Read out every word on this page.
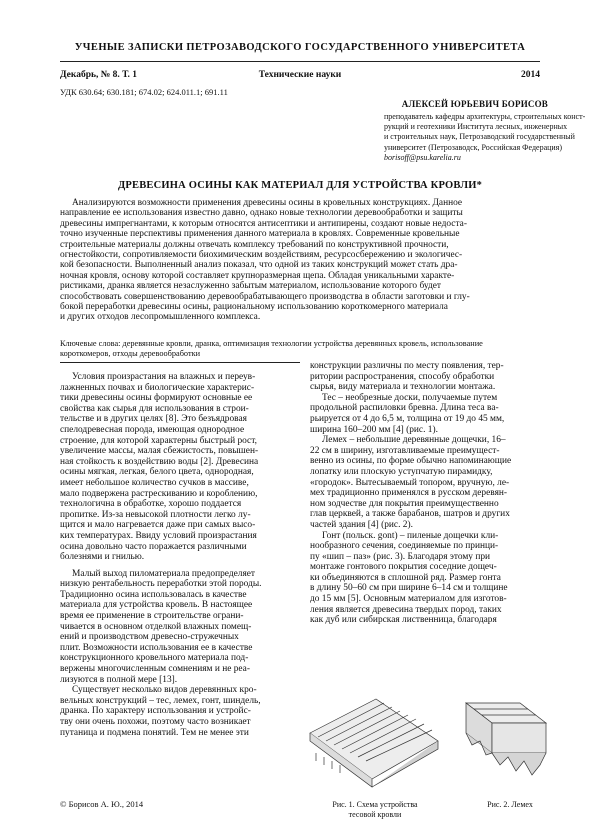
УЧЕНЫЕ ЗАПИСКИ ПЕТРОЗАВОДСКОГО ГОСУДАРСТВЕННОГО УНИВЕРСИТЕТА
Декабрь, № 8. Т. 1	Технические науки	2014
УДК 630.64; 630.181; 674.02; 624.011.1; 691.11
АЛЕКСЕЙ ЮРЬЕВИЧ БОРИСОВ
преподаватель кафедры архитектуры, строительных конст-
рукций и геотехники Института лесных, инженерных
и строительных наук, Петрозаводский государственный
университет (Петрозаводск, Российская Федерация)
borisoff@psu.karelia.ru
ДРЕВЕСИНА ОСИНЫ КАК МАТЕРИАЛ ДЛЯ УСТРОЙСТВА КРОВЛИ*
Анализируются возможности применения древесины осины в кровельных конструкциях. Данное
направление ее использования известно давно, однако новые технологии деревообработки и защиты
древесины импрегнантами, к которым относятся антисептики и антипирены, создают новые недоста-
точно изученные перспективы применения данного материала в кровлях. Современные кровельные
строительные материалы должны отвечать комплексу требований по конструктивной прочности,
огнестойкости, сопротивляемости биохимическим воздействиям, ресурсосбережению и экологичес-
кой безопасности. Выполненный анализ показал, что одной из таких конструкций может стать дра-
ночная кровля, основу которой составляет крупноразмерная щепа. Обладая уникальными характе-
ристиками, дранка является незаслуженно забытым материалом, использование которого будет
способствовать совершенствованию деревообрабатывающего производства в области заготовки и глу-
бокой переработки древесины осины, рациональному использованию короткомерного материала
и других отходов лесопромышленного комплекса.
Ключевые слова: деревянные кровли, дранка, оптимизация технологии устройства деревянных кровель, использование
короткомеров, отходы деревообработки
Условия произрастания на влажных и переув-
лажненных почвах и биологические характерис-
тики древесины осины формируют основные ее
свойства как сырья для использования в строи-
тельстве и в других целях [8]. Это безъядровая
спелодревесная порода, имеющая однородное
строение, для которой характерны быстрый рост,
увеличение массы, малая сбежистость, повышен-
ная стойкость к воздействию воды [2]. Древесина
осины мягкая, легкая, белого цвета, однородная,
имеет небольшое количество сучков в массиве,
мало подвержена растрескиванию и короблению,
технологична в обработке, хорошо поддается
пропитке. Из-за невысокой плотности легко лу-
щится и мало нагревается даже при самых высо-
ких температурах. Ввиду условий произрастания
осина довольно часто поражается различными
болезнями и гнилью.
Малый выход пиломатериала предопределяет
низкую рентабельность переработки этой породы.
Традиционно осина использовалась в качестве
материала для устройства кровель. В настоящее
время ее применение в строительстве ограни-
чивается в основном отделкой влажных помещ-
ений и производством древесно-стружечных
плит. Возможности использования ее в качестве
конструкционного кровельного материала под-
вержены многочисленным сомнениям и не реа-
лизуются в полной мере [13].
Существует несколько видов деревянных кро-
вельных конструкций – тес, лемех, гонт, шиндель,
дранка. По характеру использования и устройс-
тву они очень похожи, поэтому часто возникает
путаница и подмена понятий. Тем не менее эти
конструкции различны по месту появления, тер-
ритории распространения, способу обработки
сырья, виду материала и технологии монтажа.
Тес – необрезные доски, получаемые путем
продольной распиловки бревна. Длина теса ва-
рьируется от 4 до 6,5 м, толщина от 19 до 45 мм,
ширина 160–200 мм [4] (рис. 1).
Лемех – небольшие деревянные дощечки, 16–
22 см в ширину, изготавливаемые преимущест-
венно из осины, по форме обычно напоминающие
лопатку или плоскую уступчатую пирамидку,
«городок». Вытесываемый топором, вручную, ле-
мех традиционно применялся в русском деревян-
ном зодчестве для покрытия преимущественно
глав церквей, а также барабанов, шатров и других
частей здания [4] (рис. 2).
Гонт (польск. gont) – пиленые дощечки кли-
нообразного сечения, соединяемые по принци-
пу «шип – паз» (рис. 3). Благодаря этому при
монтаже гонтового покрытия соседние дощеч-
ки объединяются в сплошной ряд. Размер гонта
в длину 50–60 см при ширине 6–14 см и толщине
до 15 мм [5]. Основным материалом для изготов-
ления является древесина твердых пород, таких
как дуб или сибирская лиственница, благодаря
Рис. 1. Схема устройства
тесовой кровли
Рис. 2. Лемех
© Борисов А. Ю., 2014
